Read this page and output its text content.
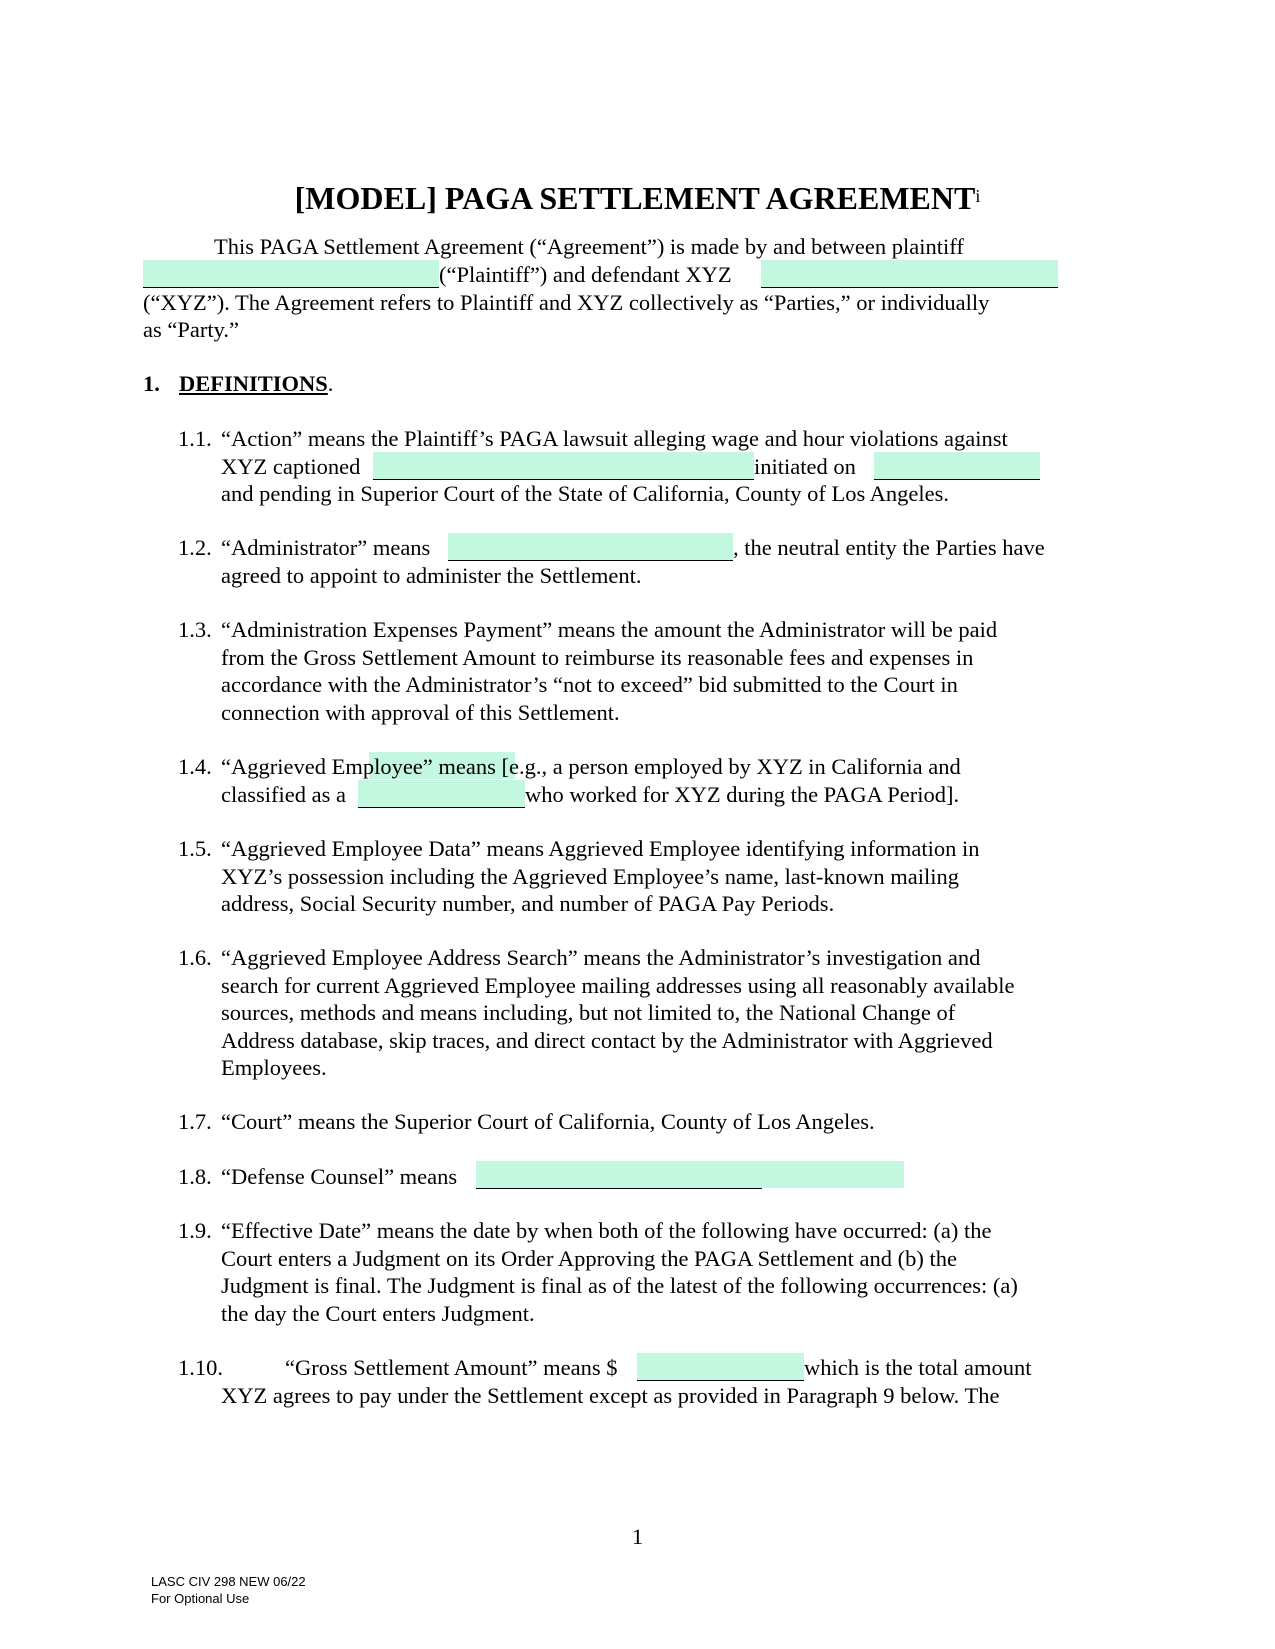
[MODEL] PAGA SETTLEMENT AGREEMENT$^i$
This PAGA Settlement Agreement (“Agreement”) is made by and between plaintiff
(“Plaintiff”) and defendant XYZ
(“XYZ”). The Agreement refers to Plaintiff and XYZ collectively as “Parties,” or individually
as “Party.”
1. DEFINITIONS.
1.1. “Action” means the Plaintiff’s PAGA lawsuit alleging wage and hour violations against
XYZ captioned	initiated on
and pending in Superior Court of the State of California, County of Los Angeles.
1.2. “Administrator” means	, the neutral entity the Parties have
agreed to appoint to administer the Settlement.
1.3. “Administration Expenses Payment” means the amount the Administrator will be paid
from the Gross Settlement Amount to reimburse its reasonable fees and expenses in
accordance with the Administrator’s “not to exceed” bid submitted to the Court in
connection with approval of this Settlement.
1.4. “Aggrieved Employee” means [e.g., a person employed by XYZ in California and
classified as a	who worked for XYZ during the PAGA Period].
1.5. “Aggrieved Employee Data” means Aggrieved Employee identifying information in
XYZ’s possession including the Aggrieved Employee’s name, last-known mailing
address, Social Security number, and number of PAGA Pay Periods.
1.6. “Aggrieved Employee Address Search” means the Administrator’s investigation and
search for current Aggrieved Employee mailing addresses using all reasonably available
sources, methods and means including, but not limited to, the National Change of
Address database, skip traces, and direct contact by the Administrator with Aggrieved
Employees.
1.7. “Court” means the Superior Court of California, County of Los Angeles.
1.8. “Defense Counsel” means
1.9. “Effective Date” means the date by when both of the following have occurred: (a) the
Court enters a Judgment on its Order Approving the PAGA Settlement and (b) the
Judgment is final. The Judgment is final as of the latest of the following occurrences: (a)
the day the Court enters Judgment.
1.10.	“Gross Settlement Amount” means $	which is the total amount
XYZ agrees to pay under the Settlement except as provided in Paragraph 9 below. The
1
LASC CIV 298 NEW 06/22
For Optional Use
